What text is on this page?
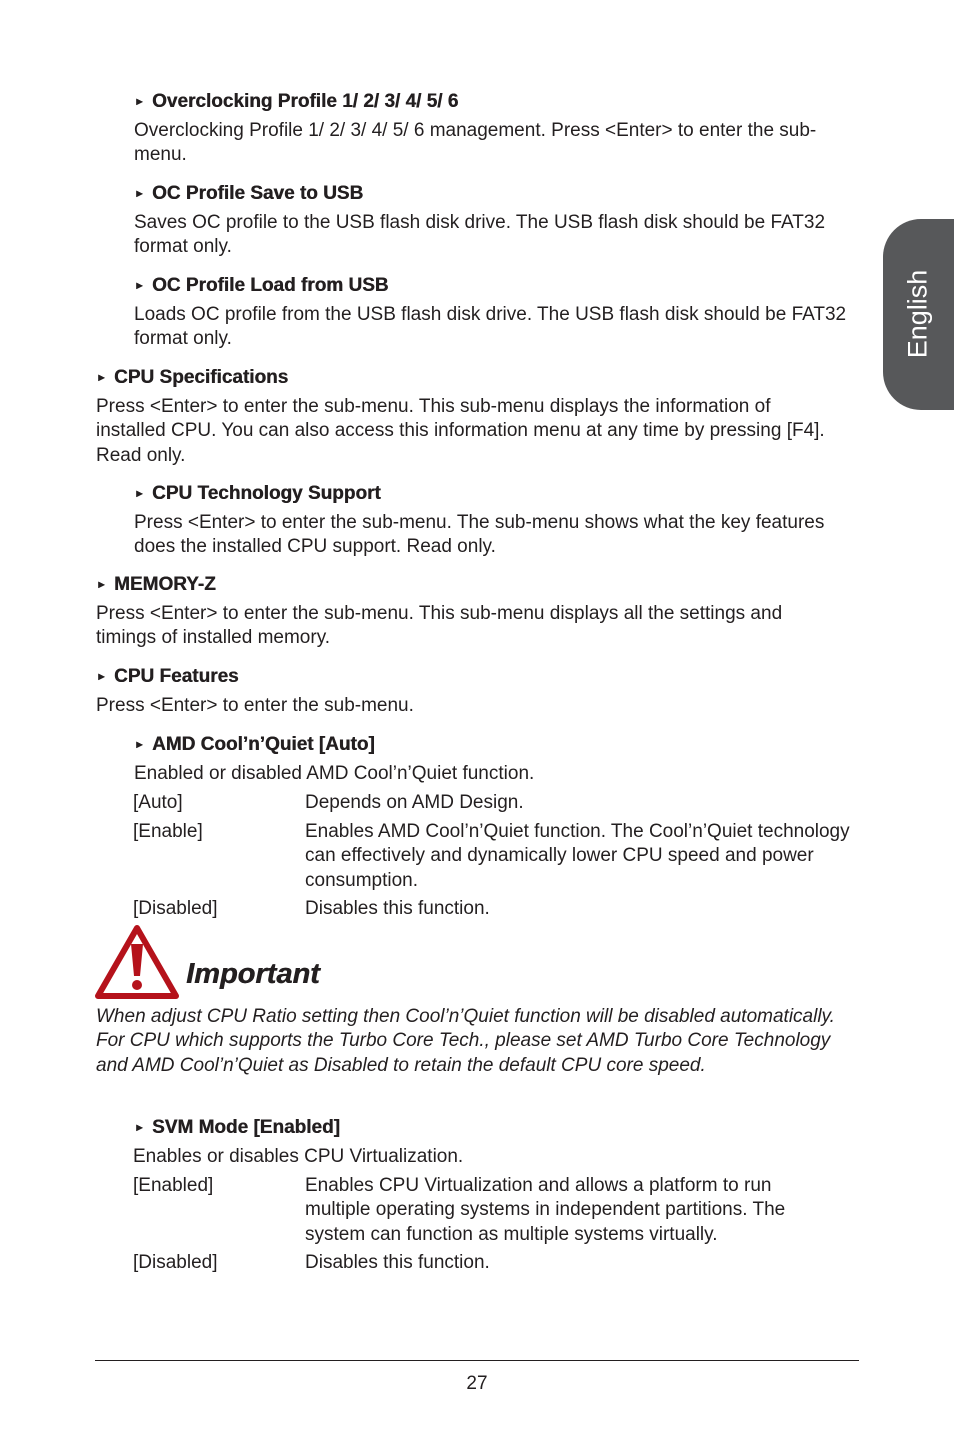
English
► Overclocking Profile 1/ 2/ 3/ 4/ 5/ 6
Overclocking Profile 1/ 2/ 3/ 4/ 5/ 6 management. Press <Enter> to enter the sub-menu.
► OC Profile Save to USB
Saves OC profile to the USB flash disk drive. The USB flash disk should be FAT32 format only.
► OC Profile Load from USB
Loads OC profile from the USB flash disk drive. The USB flash disk should be FAT32 format only.
► CPU Specifications
Press <Enter> to enter the sub-menu. This sub-menu displays the information of installed CPU. You can also access this information menu at any time by pressing [F4]. Read only.
► CPU Technology Support
Press <Enter> to enter the sub-menu. The sub-menu shows what the key features does the installed CPU support. Read only.
► MEMORY-Z
Press <Enter> to enter the sub-menu. This sub-menu displays all the settings and timings of installed memory.
► CPU Features
Press <Enter> to enter the sub-menu.
► AMD Cool’n’Quiet [Auto]
Enabled or disabled AMD Cool’n’Quiet function.
[Auto]	Depends on AMD Design.
[Enable]	Enables AMD Cool’n’Quiet function. The Cool’n’Quiet technology can effectively and dynamically lower CPU speed and power consumption.
[Disabled]	Disables this function.
Important
When adjust CPU Ratio setting then Cool’n’Quiet function will be disabled automatically. For CPU which supports the Turbo Core Tech., please set AMD Turbo Core Technology and AMD Cool’n’Quiet as Disabled to retain the default CPU core speed.
► SVM Mode [Enabled]
Enables or disables CPU Virtualization.
[Enabled]	Enables CPU Virtualization and allows a platform to run multiple operating systems in independent partitions. The system can function as multiple systems virtually.
[Disabled]	Disables this function.
27
